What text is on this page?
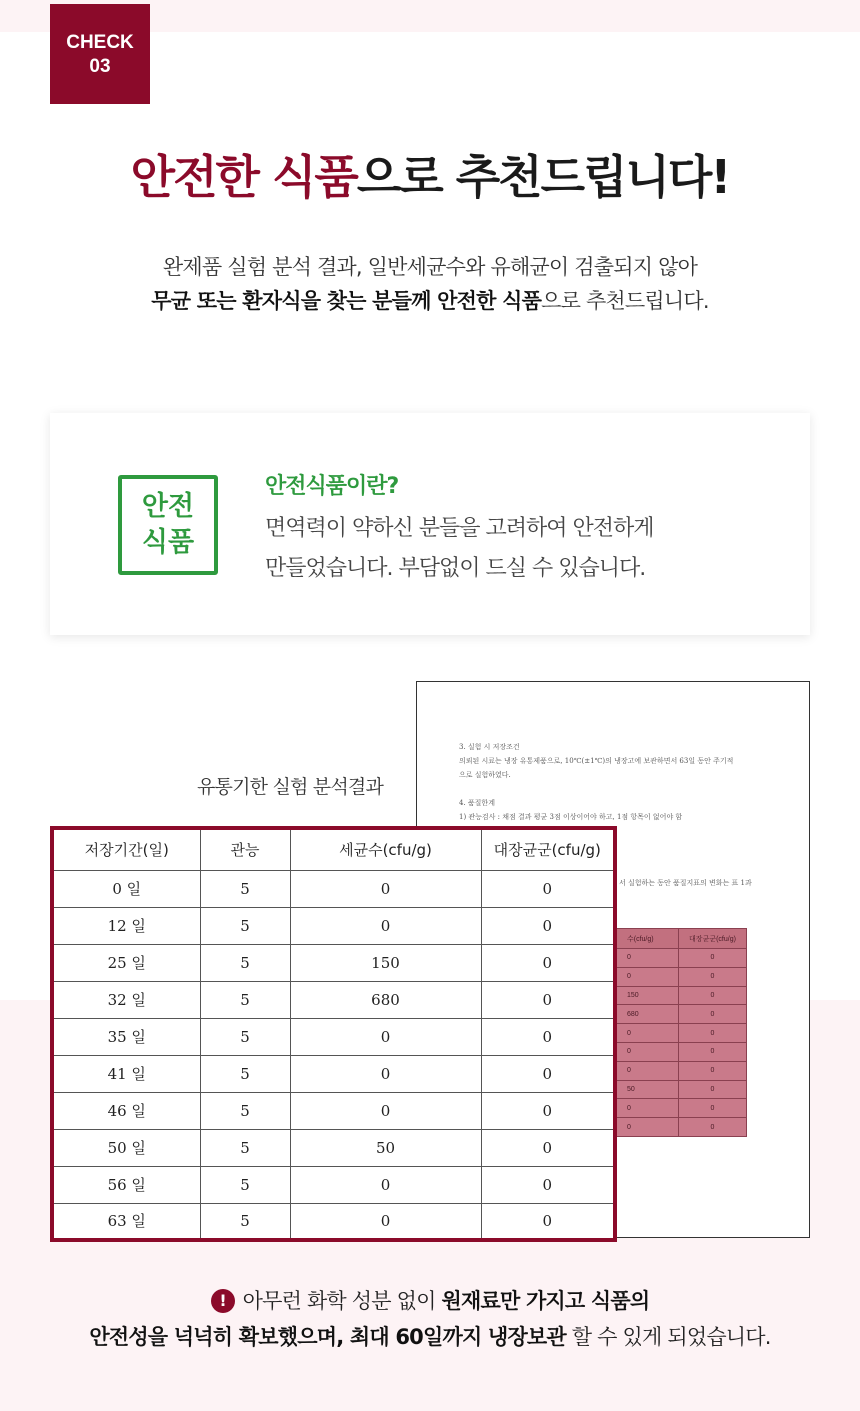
CHECK
03
안전한 식품으로 추천드립니다!
완제품 실험 분석 결과, 일반세균수와 유해균이 검출되지 않아
무균 또는 환자식을 찾는 분들께 안전한 식품으로 추천드립니다.
안전
식품
안전식품이란?
면역력이 약하신 분들을 고려하여 안전하게
만들었습니다. 부담없이 드실 수 있습니다.

3. 실험 시 저장조건

의뢰된 시료는 냉장 유통제품으로, 10℃(±1℃)의 냉장고에 보관하면서 63일 동안 주기적

으로 실험하였다.

4. 품질한계

1) 관능검사 : 채점 결과 평균 3점 이상이어야 하고, 1점 항목이 없어야 함

서 실험하는 동안 품질지표의 변화는 표 1과
수(cfu/g)	대장균군(cfu/g)
0	0
0	0
150	0
680	0
0	0
0	0
0	0
50	0
0	0
0	0
유통기한 실험 분석결과
저장기간(일)	관능	세균수(cfu/g)	대장균군(cfu/g)
0 일	5	0	0
12 일	5	0	0
25 일	5	150	0
32 일	5	680	0
35 일	5	0	0
41 일	5	0	0
46 일	5	0	0
50 일	5	50	0
56 일	5	0	0
63 일	5	0	0
! 아무런 화학 성분 없이 원재료만 가지고 식품의
안전성을 넉넉히 확보했으며, 최대 60일까지 냉장보관 할 수 있게 되었습니다.
